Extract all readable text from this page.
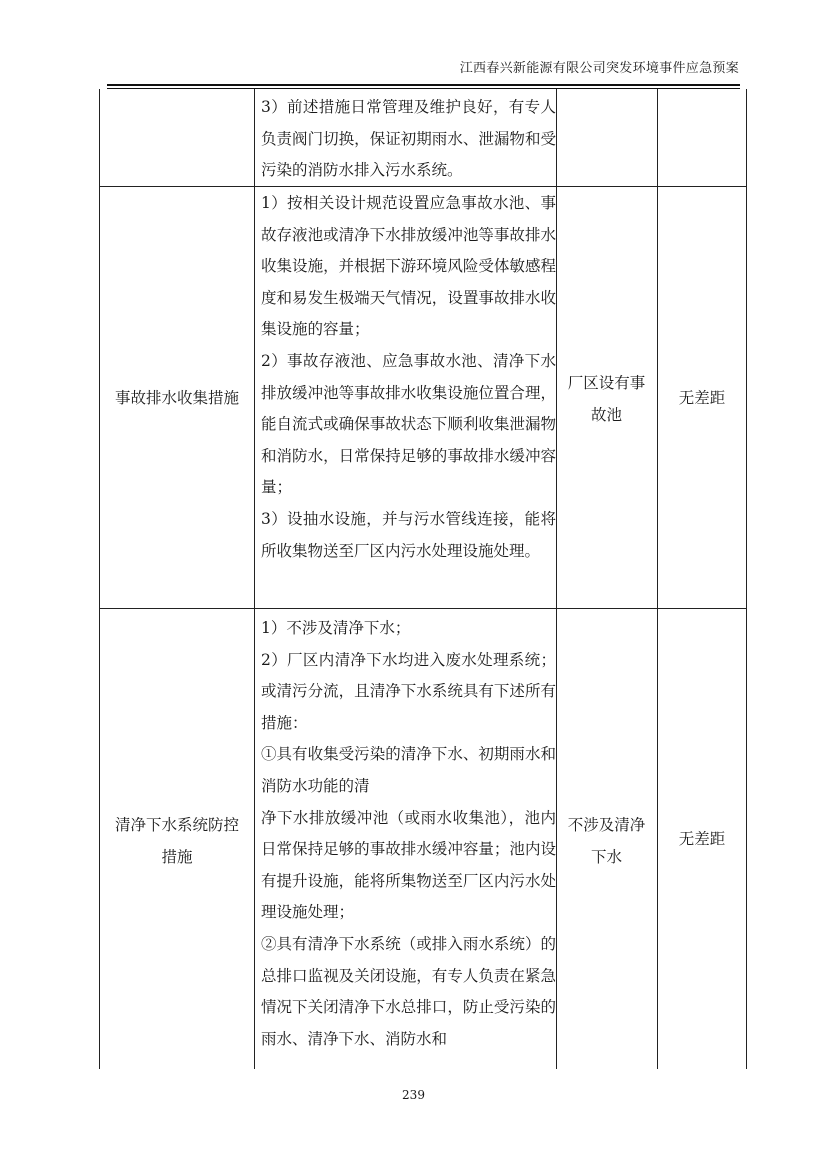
江西春兴新能源有限公司突发环境事件应急预案

3）前述措施日常管理及维护良好，有专人负责阀门切换，保证初期雨水、泄漏物和受污染的消防水排入污水系统。

事故排水收集措施

1）按相关设计规范设置应急事故水池、事故存液池或清净下水排放缓冲池等事故排水收集设施，并根据下游环境风险受体敏感程度和易发生极端天气情况，设置事故排水收集设施的容量；

2）事故存液池、应急事故水池、清净下水排放缓冲池等事故排水收集设施位置合理，能自流式或确保事故状态下顺利收集泄漏物和消防水，日常保持足够的事故排水缓冲容量；

3）设抽水设施，并与污水管线连接，能将所收集物送至厂区内污水处理设施处理。

厂区设有事故池
无差距
清净下水系统防控措施

1）不涉及清净下水；

2）厂区内清净下水均进入废水处理系统；或清污分流，且清净下水系统具有下述所有措施：

①具有收集受污染的清净下水、初期雨水和消防水功能的清

净下水排放缓冲池（或雨水收集池），池内日常保持足够的事故排水缓冲容量；池内设有提升设施，能将所集物送至厂区内污水处理设施处理；

②具有清净下水系统（或排入雨水系统）的总排口监视及关闭设施，有专人负责在紧急情况下关闭清净下水总排口，防止受污染的雨水、清净下水、消防水和

不涉及清净下水
无差距
239
